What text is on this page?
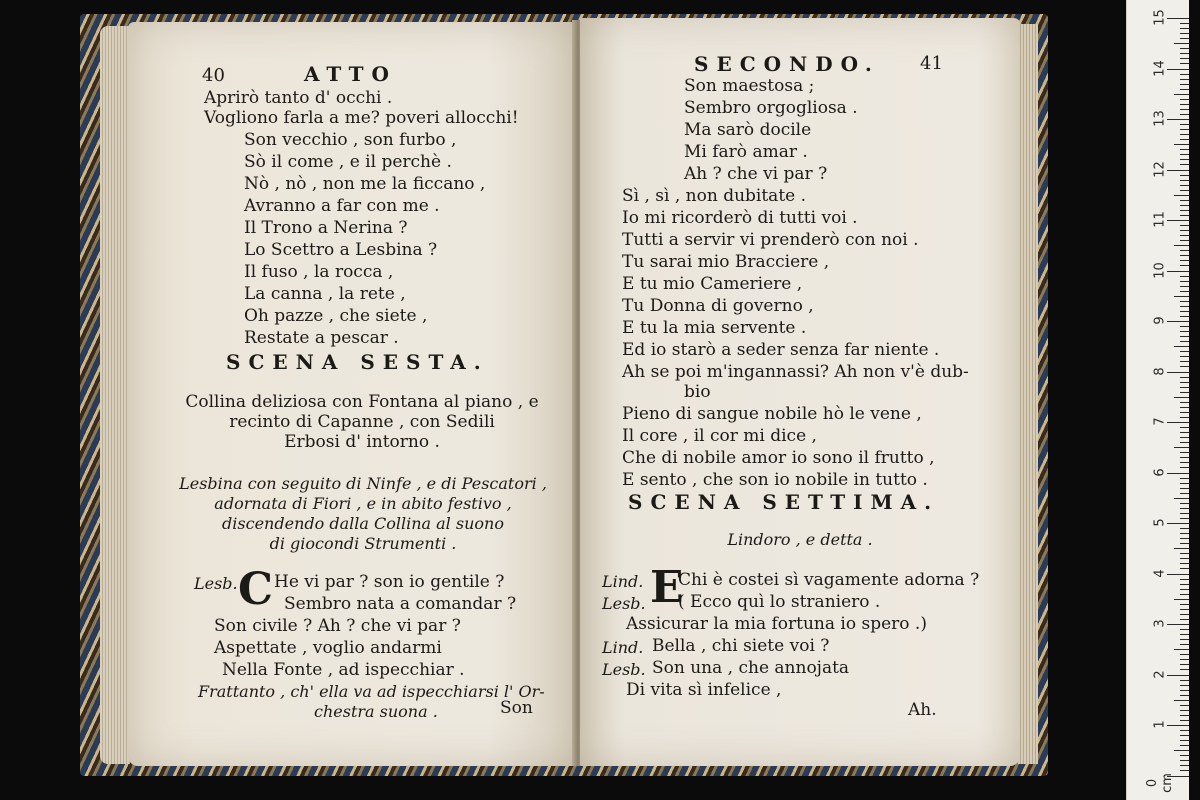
40	ATTO
Aprirò tanto d' occhi .
Vogliono farla a me? poveri allocchi!
Son vecchio , son furbo ,
Sò il come , e il perchè .
Nò , nò , non me la ficcano ,
Avranno a far con me .
Il Trono a Nerina ?
Lo Scettro a Lesbina ?
Il fuso , la rocca ,
La canna , la rete ,
Oh pazze , che siete ,
Restate a pescar .
SCENA SESTA.
Collina deliziosa con Fontana al piano , e
recinto di Capanne , con Sedili
Erbosi d' intorno .
Lesbina con seguito di Ninfe , e di Pescatori ,
adornata di Fiori , e in abito festivo ,
discendendo dalla Collina al suono
di giocondi Strumenti .
Lesb. C He vi par ? son io gentile ?
Sembro nata a comandar ?
Son civile ? Ah ? che vi par ?
Aspettate , voglio andarmi
Nella Fonte , ad ispecchiar .
Frattanto , ch' ella va ad ispecchiarsi l' Or-
chestra suona .	Son
SECONDO. 41
Son maestosa ;
Sembro orgogliosa .
Ma sarò docile
Mi farò amar .
Ah ? che vi par ?
Sì , sì , non dubitate .
Io mi ricorderò di tutti voi .
Tutti a servir vi prenderò con noi .
Tu sarai mio Bracciere ,
E tu mio Cameriere ,
Tu Donna di governo ,
E tu la mia servente .
Ed io starò a seder senza far niente .
Ah se poi m'ingannassi? Ah non v'è dub-
bio
Pieno di sangue nobile hò le vene ,
Il core , il cor mi dice ,
Che di nobile amor io sono il frutto ,
E sento , che son io nobile in tutto .
SCENA SETTIMA.
Lindoro , e detta .
Lind. E
Chi è costei sì vagamente adorna ?
Lesb. ( Ecco quì lo straniero .
Assicurar la mia fortuna io spero .)
Lind. Bella , chi siete voi ?
Lesb. Son una , che annojata
Di vita sì infelice ,
Ah.
15
14
13
12
11
10
9
8
7
6
5
4
3
2
1
0 cm
